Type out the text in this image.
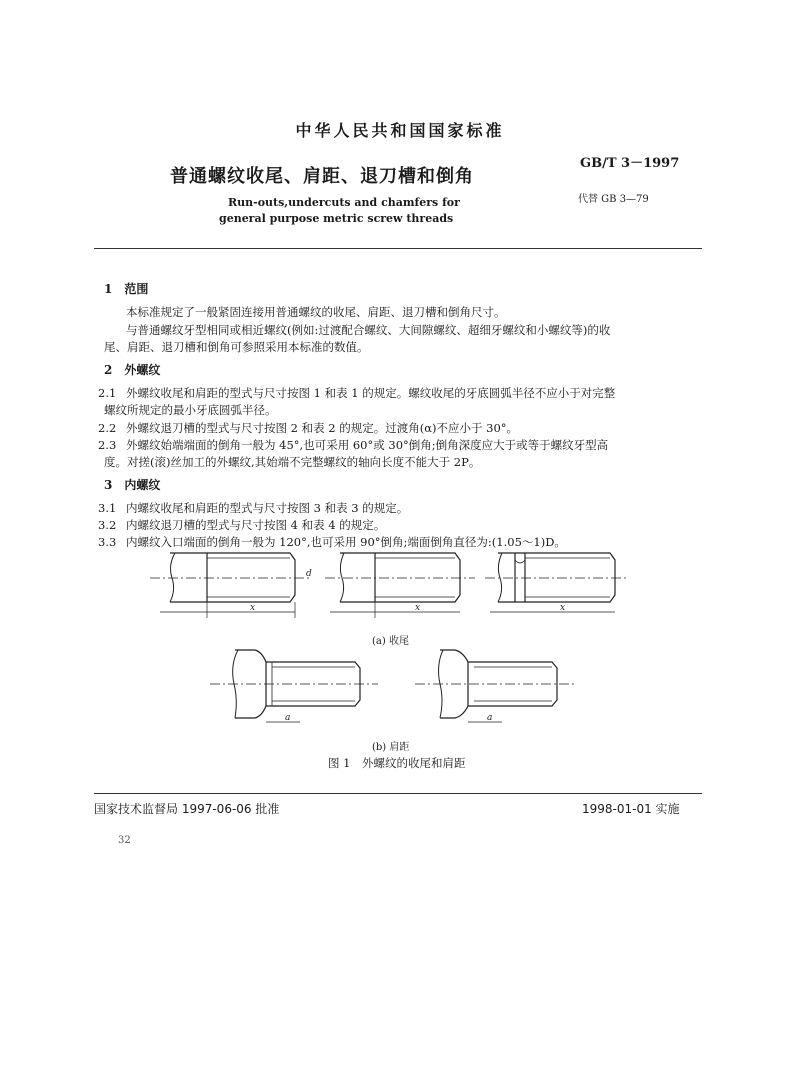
中华人民共和国国家标准
普通螺纹收尾、肩距、退刀槽和倒角
Run-outs,undercuts and chamfers for
general purpose metric screw threads
GB/T 3－1997
代替 GB 3—79
1　范围
本标准规定了一般紧固连接用普通螺纹的收尾、肩距、退刀槽和倒角尺寸。
与普通螺纹牙型相同或相近螺纹(例如:过渡配合螺纹、大间隙螺纹、超细牙螺纹和小螺纹等)的收
尾、肩距、退刀槽和倒角可参照采用本标准的数值。
2　外螺纹
2.1 外螺纹收尾和肩距的型式与尺寸按图 1 和表 1 的规定。螺纹收尾的牙底圆弧半径不应小于对完整
螺纹所规定的最小牙底圆弧半径。
2.2 外螺纹退刀槽的型式与尺寸按图 2 和表 2 的规定。过渡角(α)不应小于 30°。
2.3 外螺纹始端端面的倒角一般为 45°,也可采用 60°或 30°倒角;倒角深度应大于或等于螺纹牙型高
度。对搓(滚)丝加工的外螺纹,其始端不完整螺纹的轴向长度不能大于 2P。
3　内螺纹
3.1 内螺纹收尾和肩距的型式与尺寸按图 3 和表 3 的规定。
3.2 内螺纹退刀槽的型式与尺寸按图 4 和表 4 的规定。
3.3 内螺纹入口端面的倒角一般为 120°,也可采用 90°倒角;端面倒角直径为:(1.05～1)D。
x	x	x
d
a	a
(a) 收尾
(b) 肩距
图 1　外螺纹的收尾和肩距
国家技术监督局 1997-06-06 批准	1998-01-01 实施
32
